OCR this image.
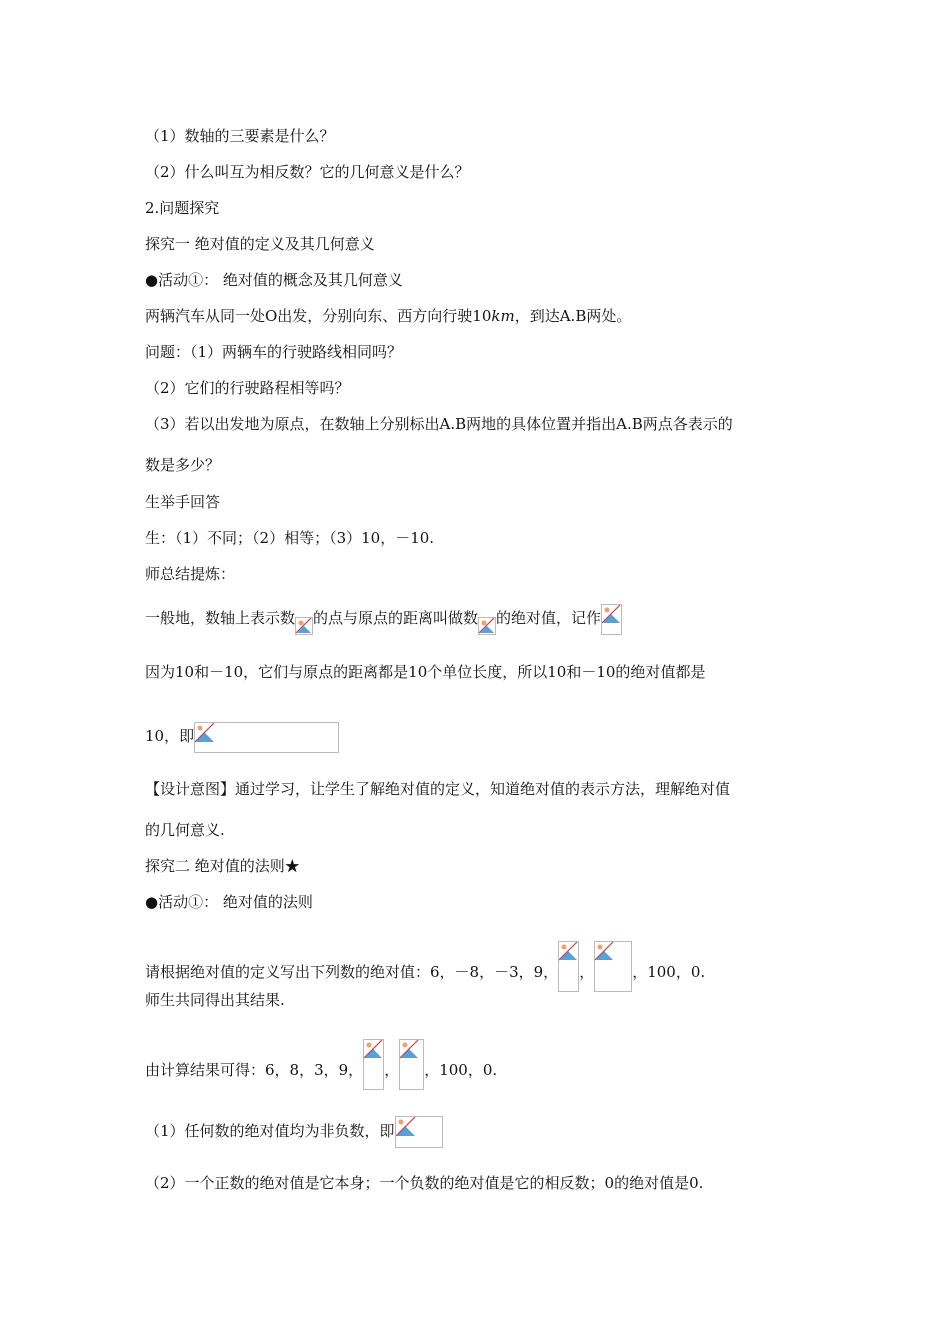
（1）数轴的三要素是什么？
（2）什么叫互为相反数？它的几何意义是什么？
2.问题探究
探究一 绝对值的定义及其几何意义
●活动①： 绝对值的概念及其几何意义
两辆汽车从同一处O出发，分别向东、西方向行驶10km，到达A.B两处。
问题：（1）两辆车的行驶路线相同吗？
（2）它们的行驶路程相等吗？
（3）若以出发地为原点，在数轴上分别标出A.B两地的具体位置并指出A.B两点各表示的
数是多少？
生举手回答
生：（1）不同；（2）相等；（3）10，－10.
师总结提炼：
一般地，数轴上表示数 的点与原点的距离叫做数 的绝对值，记作
因为10和－10，它们与原点的距离都是10个单位长度，所以10和－10的绝对值都是
10，即
【设计意图】通过学习，让学生了解绝对值的定义，知道绝对值的表示方法，理解绝对值
的几何意义.
探究二 绝对值的法则★
●活动①： 绝对值的法则
请根据绝对值的定义写出下列数的绝对值：6，－8，－3，9， ，	，100，0.
师生共同得出其结果.
由计算结果可得：6，8，3，9， ， ，100，0.
（1）任何数的绝对值均为非负数，即
（2）一个正数的绝对值是它本身；一个负数的绝对值是它的相反数；0的绝对值是0.
